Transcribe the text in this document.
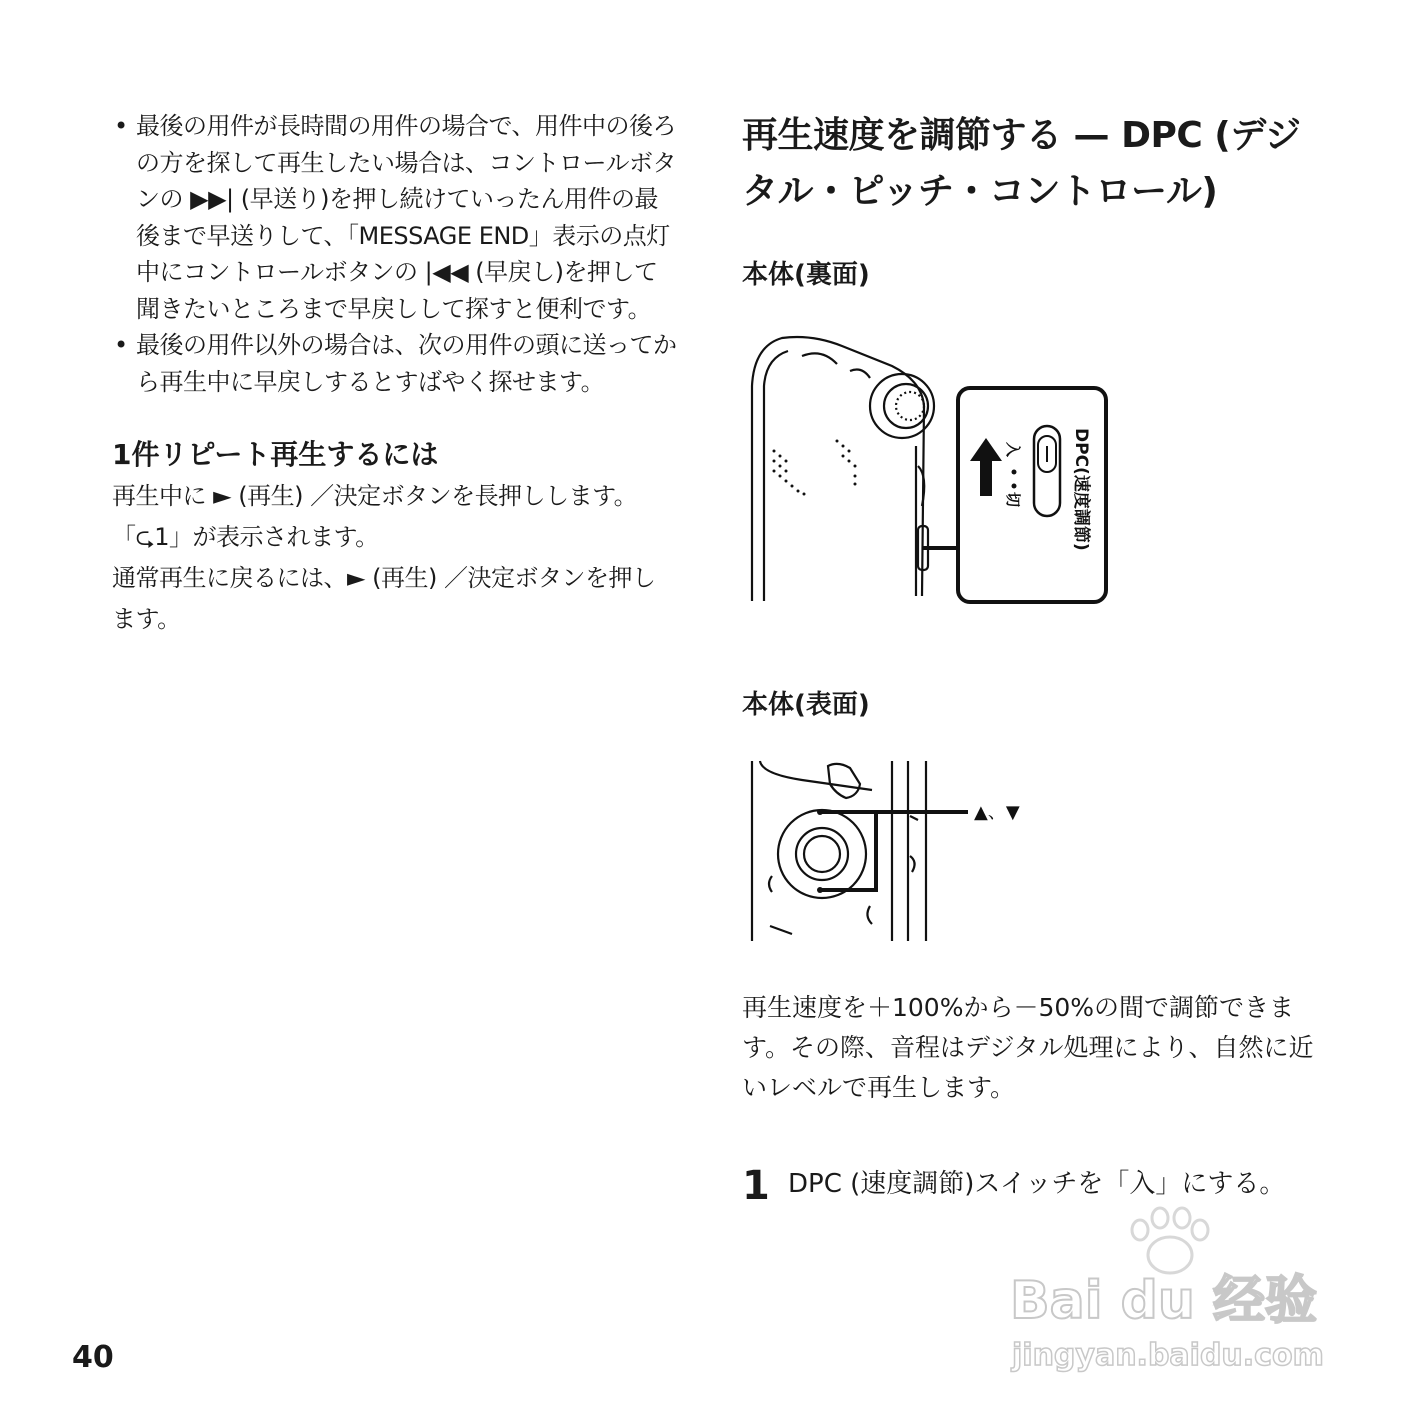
• 最後の用件が長時間の用件の場合で、用件中の後ろの方を探して再生したい場合は、コントロールボタンの ▶▶| (早送り)を押し続けていったん用件の最後まで早送りして、「MESSAGE END」表示の点灯中にコントロールボタンの |◀◀ (早戻し)を押して聞きたいところまで早戻しして探すと便利です。
• 最後の用件以外の場合は、次の用件の頭に送ってから再生中に早戻しするとすばやく探せます。
1件リピート再生するには

再生中に ► (再生) ／決定ボタンを長押しします。

「⮎1」が表示されます。

通常再生に戻るには、► (再生) ／決定ボタンを押します。

再生速度を調節する — DPC (デジタル・ピッチ・コントロール)

本体(裏面)

DPC(速度調節)
入
切

本体(表面)

▲、▼

再生速度を＋100%から－50%の間で調節できます。その際、音程はデジタル処理により、自然に近いレベルで再生します。

1 DPC (速度調節)スイッチを「入」にする。
40
Bai du 经验
jingyan.baidu.com
